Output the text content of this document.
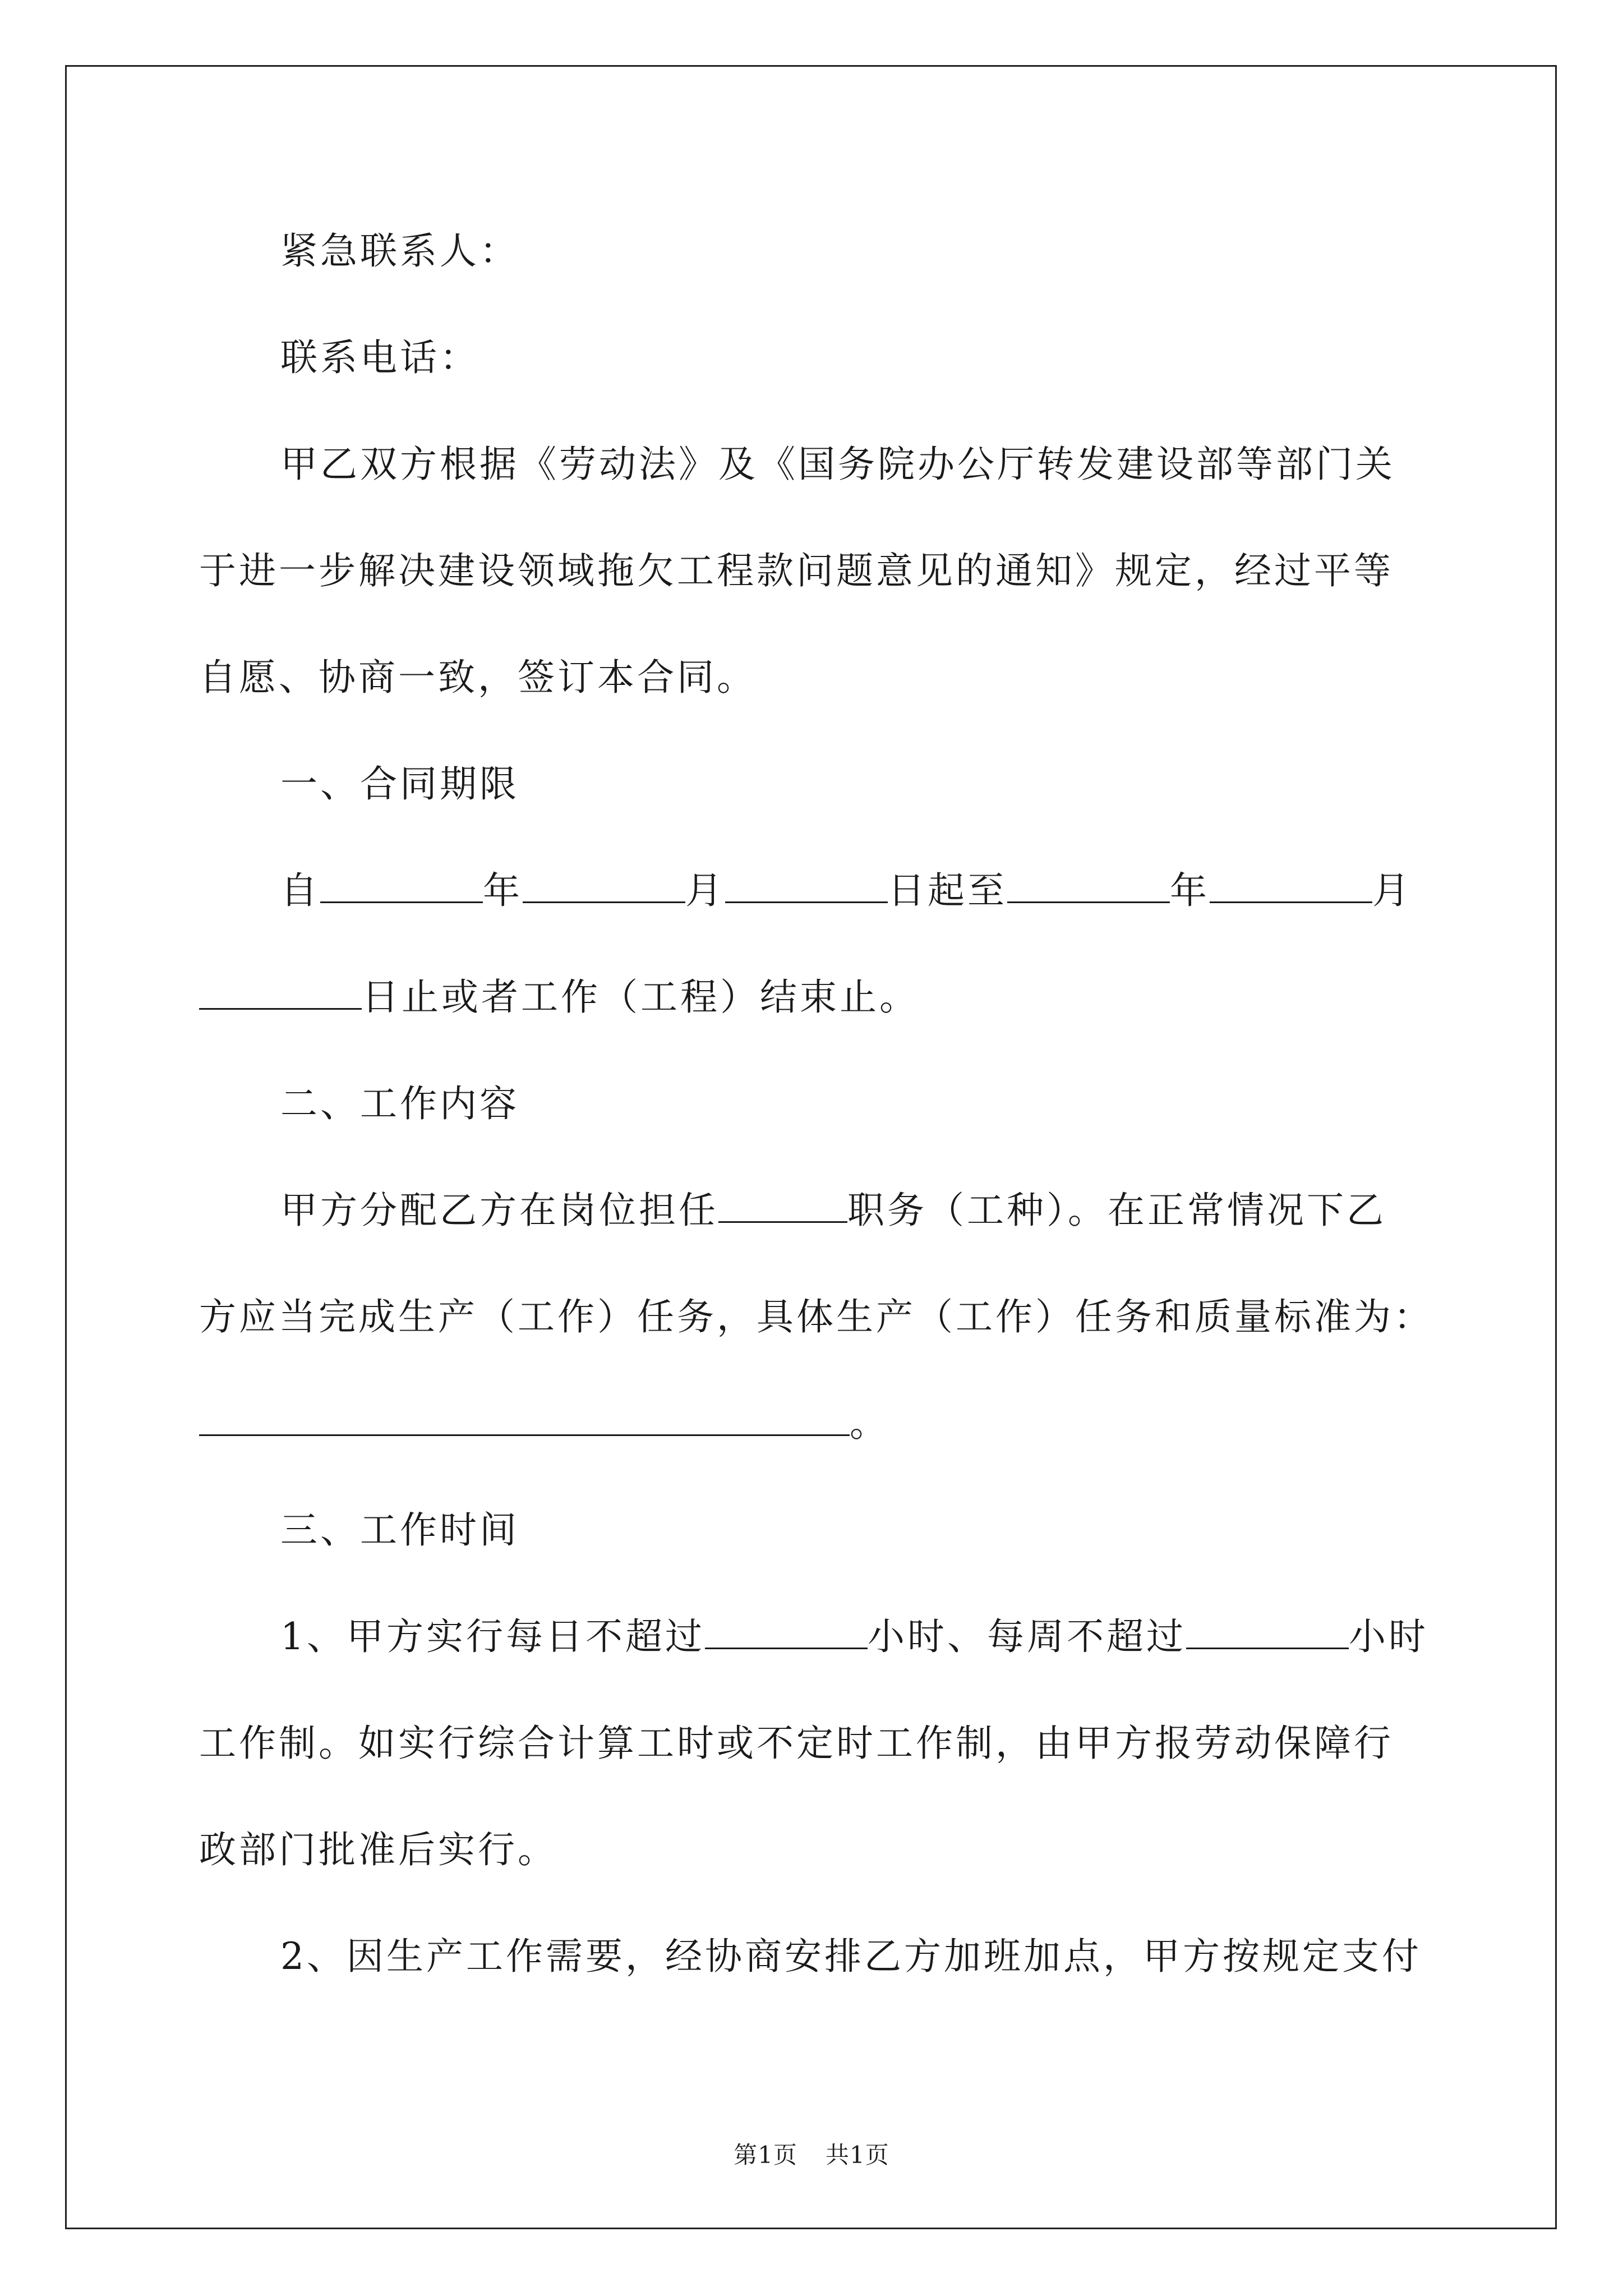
紧急联系人：
联系电话：
甲乙双方根据《劳动法》及《国务院办公厅转发建设部等部门关
于进一步解决建设领域拖欠工程款问题意见的通知》规定，经过平等
自愿、协商一致，签订本合同。
一、合同期限
自	年	月	日起至	年	月
日止或者工作（工程）结束止。
二、工作内容
甲方分配乙方在岗位担任	职务（工种）。在正常情况下乙
方应当完成生产（工作）任务，具体生产（工作）任务和质量标准为：
。
三、工作时间
1、甲方实行每日不超过	小时、每周不超过	小时
工作制。如实行综合计算工时或不定时工作制，由甲方报劳动保障行
政部门批准后实行。
2、因生产工作需要，经协商安排乙方加班加点，甲方按规定支付
第1页 共1页
